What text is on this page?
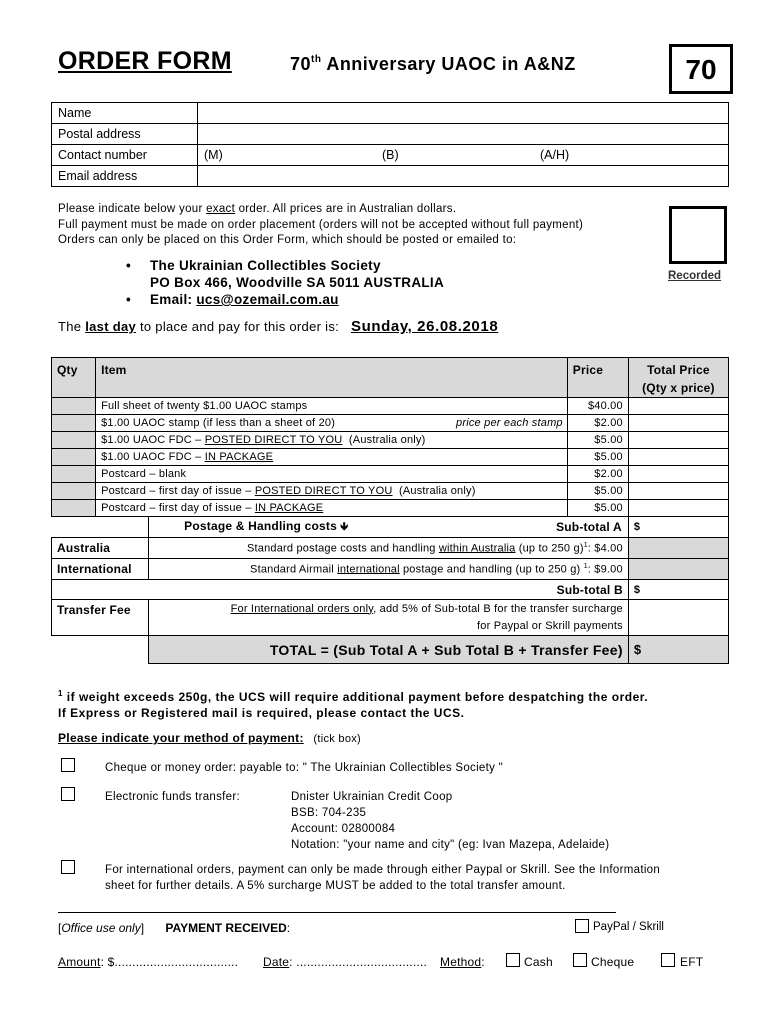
ORDER FORM	70th Anniversary UAOC in A&NZ	70
Name	
Postal address	
Contact number	(M) (B) (A/H)

Email address	
Please indicate below your exact order. All prices are in Australian dollars.
Full payment must be made on order placement (orders will not be accepted without full payment)
Orders can only be placed on this Order Form, which should be posted or emailed to:
Recorded
• The Ukrainian Collectibles Society
PO Box 466, Woodville SA 5011 AUSTRALIA
• Email: ucs@ozemail.com.au
The last day to place and pay for this order is: Sunday, 26.08.2018
Qty	Item		Price	Total Price
(Qty x price)

	Full sheet of twenty $1.00 UAOC stamps		$40.00	
	$1.00 UAOC stamp (if less than a sheet of 20) price per each stamp		$2.00	
	$1.00 UAOC FDC – POSTED DIRECT TO YOU  (Australia only)		$5.00	
	$1.00 UAOC FDC – IN PACKAGE		$5.00	
	Postcard – blank		$2.00	
	Postcard – first day of issue – POSTED DIRECT TO YOU  (Australia only)		$5.00	
	Postcard – first day of issue – IN PACKAGE		$5.00	
		Postage & Handling costs 🡻 Sub-total A		$
Australia		Standard postage costs and handling within Australia (up to 250 g)$^1$: $4.00		
International		Standard Airmail international postage and handling (up to 250 g) $^1$: $9.00		
Sub-total B				$
Transfer Fee		For International orders only, add 5% of Sub-total B for the transfer surcharge
for Paypal or Skrill payments		

		TOTAL = (Sub Total A + Sub Total B + Transfer Fee)		$
$^1$ if weight exceeds 250g, the UCS will require additional payment before despatching the order.
If Express or Registered mail is required, please contact the UCS.
Please indicate your method of payment: (tick box)
Cheque or money order: payable to: " The Ukrainian Collectibles Society "
Electronic funds transfer:	Dnister Ukrainian Credit Coop
BSB: 704-235
Account: 02800084
Notation: "your name and city" (eg: Ivan Mazepa, Adelaide)
For international orders, payment can only be made through either Paypal or Skrill. See the Information
sheet for further details. A 5% surcharge MUST be added to the total transfer amount.
[Office use only] PAYMENT RECEIVED:	PayPal / Skrill
Amount: $................................... Date: ..................................... Method:	Cash	Cheque	EFT
